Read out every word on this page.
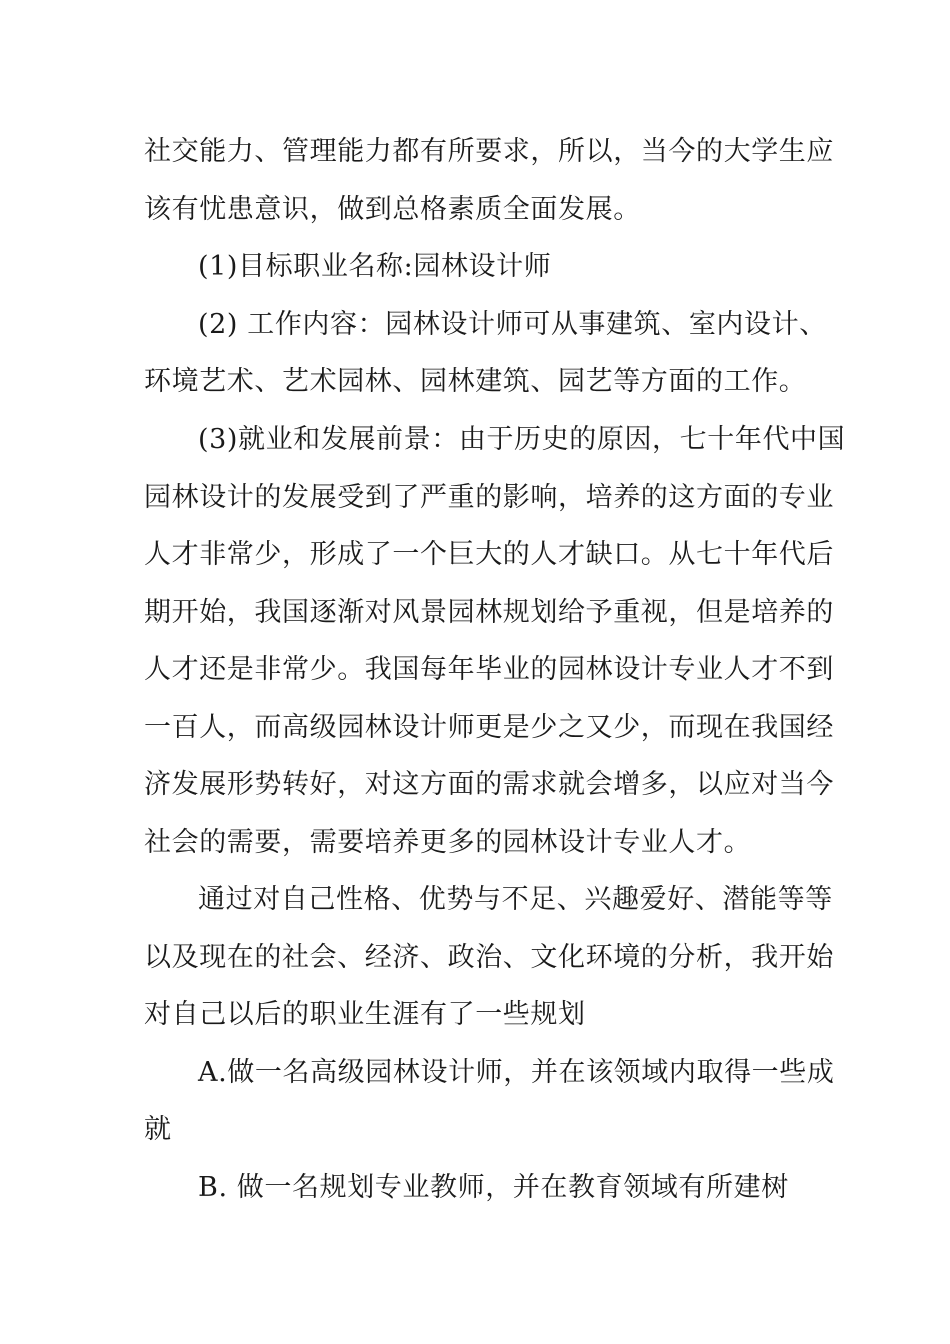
社交能力、管理能力都有所要求，所以，当今的大学生应
该有忧患意识，做到总格素质全面发展。
(1)目标职业名称:园林设计师
(2) 工作内容：园林设计师可从事建筑、室内设计、
环境艺术、艺术园林、园林建筑、园艺等方面的工作。
(3)就业和发展前景：由于历史的原因，七十年代中国
园林设计的发展受到了严重的影响，培养的这方面的专业
人才非常少，形成了一个巨大的人才缺口。从七十年代后
期开始，我国逐渐对风景园林规划给予重视，但是培养的
人才还是非常少。我国每年毕业的园林设计专业人才不到
一百人，而高级园林设计师更是少之又少，而现在我国经
济发展形势转好，对这方面的需求就会增多，以应对当今
社会的需要，需要培养更多的园林设计专业人才。
通过对自己性格、优势与不足、兴趣爱好、潜能等等
以及现在的社会、经济、政治、文化环境的分析，我开始
对自己以后的职业生涯有了一些规划
A.做一名高级园林设计师，并在该领域内取得一些成
就
B. 做一名规划专业教师，并在教育领域有所建树
